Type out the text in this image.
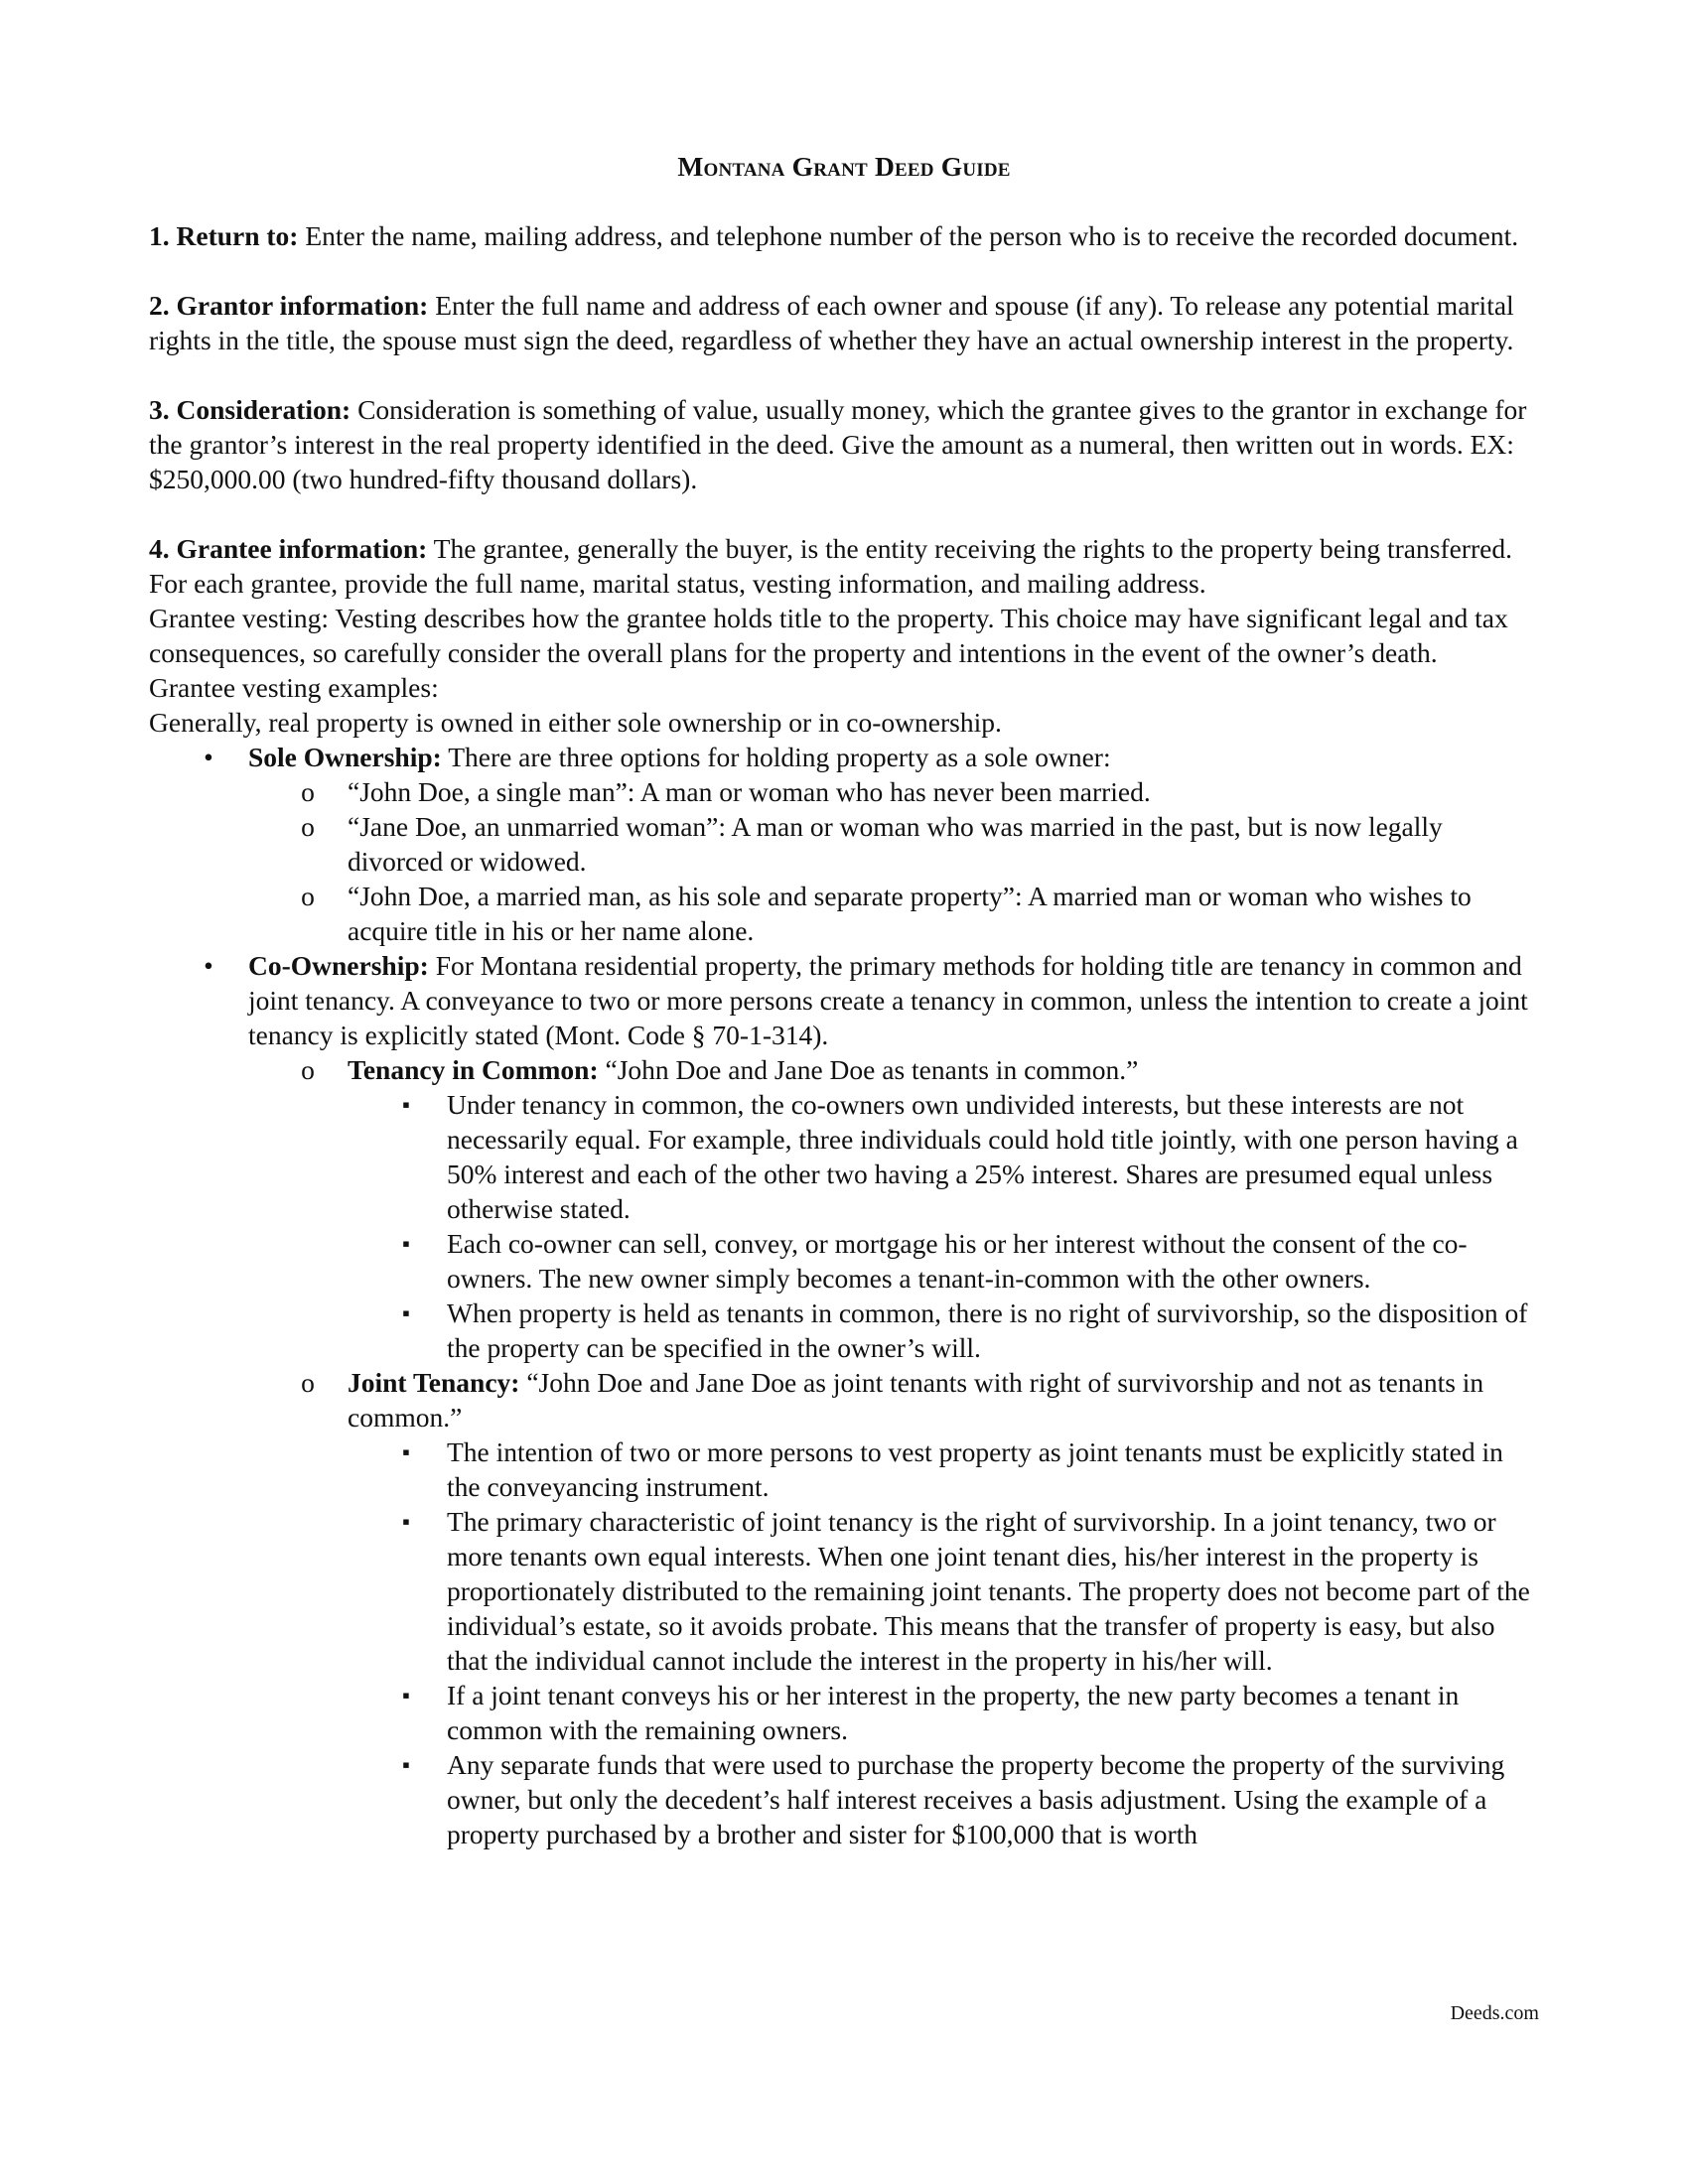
Montana Grant Deed Guide

1. Return to: Enter the name, mailing address, and telephone number of the person who is to receive the recorded document.

2. Grantor information: Enter the full name and address of each owner and spouse (if any). To release any potential marital rights in the title, the spouse must sign the deed, regardless of whether they have an actual ownership interest in the property.

3. Consideration: Consideration is something of value, usually money, which the grantee gives to the grantor in exchange for the grantor’s interest in the real property identified in the deed. Give the amount as a numeral, then written out in words. EX: $250,000.00 (two hundred-fifty thousand dollars).

4. Grantee information: The grantee, generally the buyer, is the entity receiving the rights to the property being transferred. For each grantee, provide the full name, marital status, vesting information, and mailing address.

Grantee vesting: Vesting describes how the grantee holds title to the property. This choice may have significant legal and tax consequences, so carefully consider the overall plans for the property and intentions in the event of the owner’s death.

Grantee vesting examples:

Generally, real property is owned in either sole ownership or in co-ownership.

•	Sole Ownership: There are three options for holding property as a sole owner:
o “John Doe, a single man”: A man or woman who has never been married.
o “Jane Doe, an unmarried woman”: A man or woman who was married in the past, but is now legally divorced or widowed.
o “John Doe, a married man, as his sole and separate property”: A married man or woman who wishes to acquire title in his or her name alone.
•	Co-Ownership: For Montana residential property, the primary methods for holding title are tenancy in common and joint tenancy. A conveyance to two or more persons create a tenancy in common, unless the intention to create a joint tenancy is explicitly stated (Mont. Code § 70-1-314).
o Tenancy in Common: “John Doe and Jane Doe as tenants in common.”
▪	Under tenancy in common, the co-owners own undivided interests, but these interests are not necessarily equal. For example, three individuals could hold title jointly, with one person having a 50% interest and each of the other two having a 25% interest. Shares are presumed equal unless otherwise stated.
▪	Each co-owner can sell, convey, or mortgage his or her interest without the consent of the co-owners. The new owner simply becomes a tenant-in-common with the other owners.
▪	When property is held as tenants in common, there is no right of survivorship, so the disposition of the property can be specified in the owner’s will.
o Joint Tenancy: “John Doe and Jane Doe as joint tenants with right of survivorship and not as tenants in common.”
▪	The intention of two or more persons to vest property as joint tenants must be explicitly stated in the conveyancing instrument.
▪	The primary characteristic of joint tenancy is the right of survivorship. In a joint tenancy, two or more tenants own equal interests. When one joint tenant dies, his/her interest in the property is proportionately distributed to the remaining joint tenants. The property does not become part of the individual’s estate, so it avoids probate. This means that the transfer of property is easy, but also that the individual cannot include the interest in the property in his/her will.
▪	If a joint tenant conveys his or her interest in the property, the new party becomes a tenant in common with the remaining owners.
▪	Any separate funds that were used to purchase the property become the property of the surviving owner, but only the decedent’s half interest receives a basis adjustment. Using the example of a property purchased by a brother and sister for $100,000 that is worth
Deeds.com
